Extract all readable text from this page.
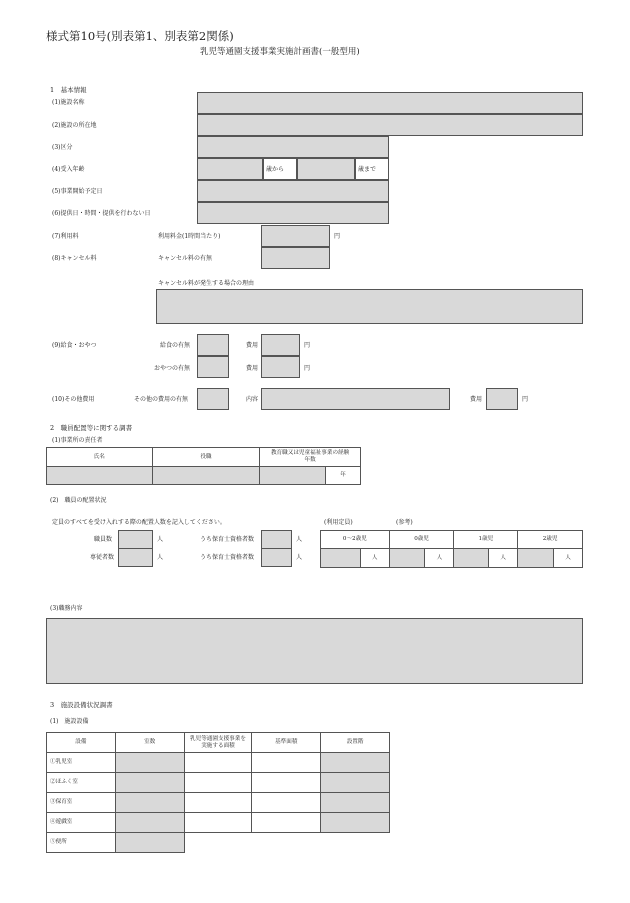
様式第10号(別表第1、別表第2関係)
乳児等通園支援事業実施計画書(一般型用)
1　基本情報
(1)施設名称
(2)施設の所在地
(3)区分
(4)受入年齢	歳から	歳まで
(5)事業開始予定日
(6)提供日・時間・提供を行わない日
(7)利用料	利用料金(1時間当たり)	円
(8)キャンセル料	キャンセル料の有無
キャンセル料が発生する場合の理由
(9)給食・おやつ	給食の有無	費用	円
おやつの有無	費用	円
(10)その他費用	その他の費用の有無	内容	費用	円
2　職員配置等に関する調書
(1)事業所の責任者
氏名	役職	教育職又は児童福祉事業の経験年数

		年
(2)　職員の配置状況
定員のすべてを受け入れする際の配置人数を記入してください。	(利用定員)	(参考)
職員数	人	うち保育士資格者数	人
専従者数	人	うち保育士資格者数	人
0～2歳児	0歳児	1歳児	2歳児

人	人	人	人
(3)職務内容
3　施設設備状況調書
(1)　施設設備
設備	室数	乳児等通園支援事業を実施する面積	基準面積	設置階
①乳児室				
②ほふく室				
③保育室				
④遊戯室				
⑤便所				
